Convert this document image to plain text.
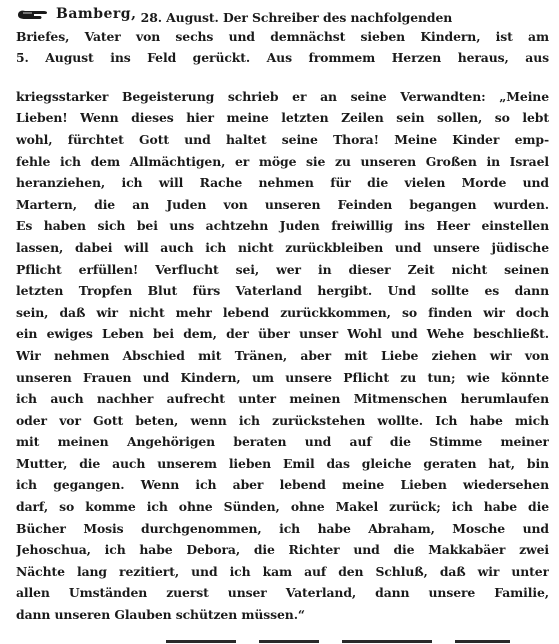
Bamberg, 28. August. Der Schreiber des nachfolgenden
Briefes, Vater von sechs und demnächst sieben Kindern, ist am
5. August ins Feld gerückt. Aus frommem Herzen heraus, aus
kriegsstarker Begeisterung schrieb er an seine Verwandten: „Meine
Lieben! Wenn dieses hier meine letzten Zeilen sein sollen, so lebt
wohl, fürchtet Gott und haltet seine Thora! Meine Kinder emp-
fehle ich dem Allmächtigen, er möge sie zu unseren Großen in Israel
heranziehen, ich will Rache nehmen für die vielen Morde und
Martern, die an Juden von unseren Feinden begangen wurden.
Es haben sich bei uns achtzehn Juden freiwillig ins Heer einstellen
lassen, dabei will auch ich nicht zurückbleiben und unsere jüdische
Pflicht erfüllen! Verflucht sei, wer in dieser Zeit nicht seinen
letzten Tropfen Blut fürs Vaterland hergibt. Und sollte es dann
sein, daß wir nicht mehr lebend zurückkommen, so finden wir doch
ein ewiges Leben bei dem, der über unser Wohl und Wehe beschließt.
Wir nehmen Abschied mit Tränen, aber mit Liebe ziehen wir von
unseren Frauen und Kindern, um unsere Pflicht zu tun; wie könnte
ich auch nachher aufrecht unter meinen Mitmenschen herumlaufen
oder vor Gott beten, wenn ich zurückstehen wollte. Ich habe mich
mit meinen Angehörigen beraten und auf die Stimme meiner
Mutter, die auch unserem lieben Emil das gleiche geraten hat, bin
ich gegangen. Wenn ich aber lebend meine Lieben wiedersehen
darf, so komme ich ohne Sünden, ohne Makel zurück; ich habe die
Bücher Mosis durchgenommen, ich habe Abraham, Mosche und
Jehoschua, ich habe Debora, die Richter und die Makkabäer zwei
Nächte lang rezitiert, und ich kam auf den Schluß, daß wir unter
allen Umständen zuerst unser Vaterland, dann unsere Familie,
dann unseren Glauben schützen müssen.“
